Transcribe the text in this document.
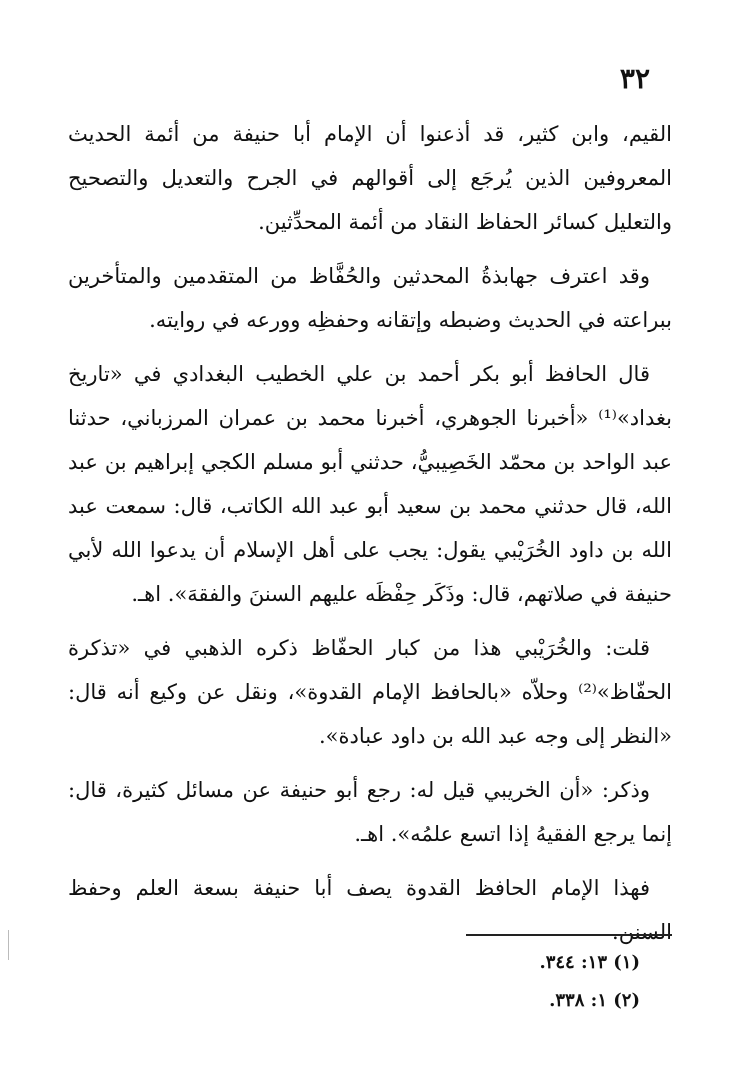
٣٢

القيم، وابن كثير، قد أذعنوا أن الإمام أبا حنيفة من أئمة الحديث المعروفين الذين يُرجَع إلى أقوالهم في الجرح والتعديل والتصحيح والتعليل كسائر الحفاظ النقاد من أئمة المحدِّثين.

وقد اعترف جهابذةُ المحدثين والحُفَّاظ من المتقدمين والمتأخرين ببراعته في الحديث وضبطه وإتقانه وحفظِه وورعه في روايته.

قال الحافظ أبو بكر أحمد بن علي الخطيب البغدادي في «تاريخ بغداد»⁽¹⁾ «أخبرنا الجوهري، أخبرنا محمد بن عمران المرزباني، حدثنا عبد الواحد بن محمّد الخَصِيبيُّ، حدثني أبو مسلم الكجي إبراهيم بن عبد الله، قال حدثني محمد بن سعيد أبو عبد الله الكاتب، قال: سمعت عبد الله بن داود الخُرَيْبي يقول: يجب على أهل الإسلام أن يدعوا الله لأبي حنيفة في صلاتهم، قال: وذَكَر حِفْظَه عليهم السننَ والفقهَ». اهـ.

قلت: والخُرَيْبي هذا من كبار الحفّاظ ذكره الذهبي في «تذكرة الحفّاظ»⁽²⁾ وحلاّه «بالحافظ الإمام القدوة»، ونقل عن وكيع أنه قال: «النظر إلى وجه عبد الله بن داود عبادة».

وذكر: «أن الخريبي قيل له: رجع أبو حنيفة عن مسائل كثيرة، قال: إنما يرجع الفقيهُ إذا اتسع علمُه». اهـ.

فهذا الإمام الحافظ القدوة يصف أبا حنيفة بسعة العلم وحفظ السنن.

(١) ١٣: ٣٤٤.
(٢) ١: ٣٣٨.
